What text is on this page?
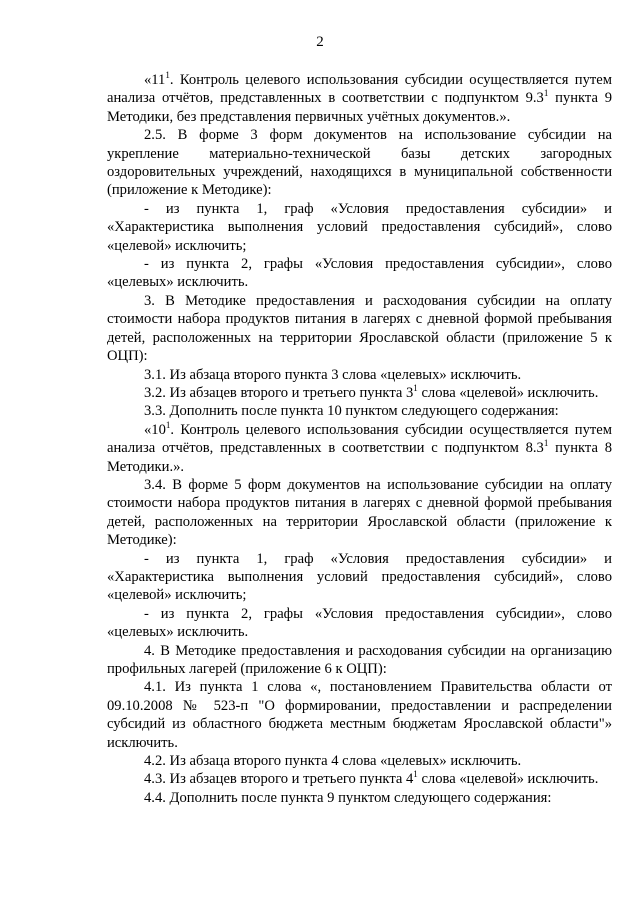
2

«$11^1$. Контроль целевого использования субсидии осуществляется путем анализа отчётов, представленных в соответствии с подпунктом $9.3^1$ пункта 9 Методики, без представления первичных учётных документов.».

2.5. В форме 3 форм документов на использование субсидии на укрепление материально-технической базы детских загородных оздоровительных учреждений, находящихся в муниципальной собственности (приложение к Методике):

- из пункта 1, граф «Условия предоставления субсидии» и «Характеристика выполнения условий предоставления субсидий», слово «целевой» исключить;

- из пункта 2, графы «Условия предоставления субсидии», слово «целевых» исключить.

3. В Методике предоставления и расходования субсидии на оплату стоимости набора продуктов питания в лагерях с дневной формой пребывания детей, расположенных на территории Ярославской области (приложение 5 к ОЦП):

3.1. Из абзаца второго пункта 3 слова «целевых» исключить.

3.2. Из абзацев второго и третьего пункта $3^1$ слова «целевой» исключить.

3.3. Дополнить после пункта 10 пунктом следующего содержания:

«$10^1$. Контроль целевого использования субсидии осуществляется путем анализа отчётов, представленных в соответствии с подпунктом $8.3^1$ пункта 8 Методики.».

3.4. В форме 5 форм документов на использование субсидии на оплату стоимости набора продуктов питания в лагерях с дневной формой пребывания детей, расположенных на территории Ярославской области (приложение к Методике):

- из пункта 1, граф «Условия предоставления субсидии» и «Характеристика выполнения условий предоставления субсидий», слово «целевой» исключить;

- из пункта 2, графы «Условия предоставления субсидии», слово «целевых» исключить.

4. В Методике предоставления и расходования субсидии на организацию профильных лагерей (приложение 6 к ОЦП):

4.1. Из пункта 1 слова «, постановлением Правительства области от 09.10.2008 № 523-п "О формировании, предоставлении и распределении субсидий из областного бюджета местным бюджетам Ярославской области"» исключить.

4.2. Из абзаца второго пункта 4 слова «целевых» исключить.

4.3. Из абзацев второго и третьего пункта $4^1$ слова «целевой» исключить.

4.4. Дополнить после пункта 9 пунктом следующего содержания:
